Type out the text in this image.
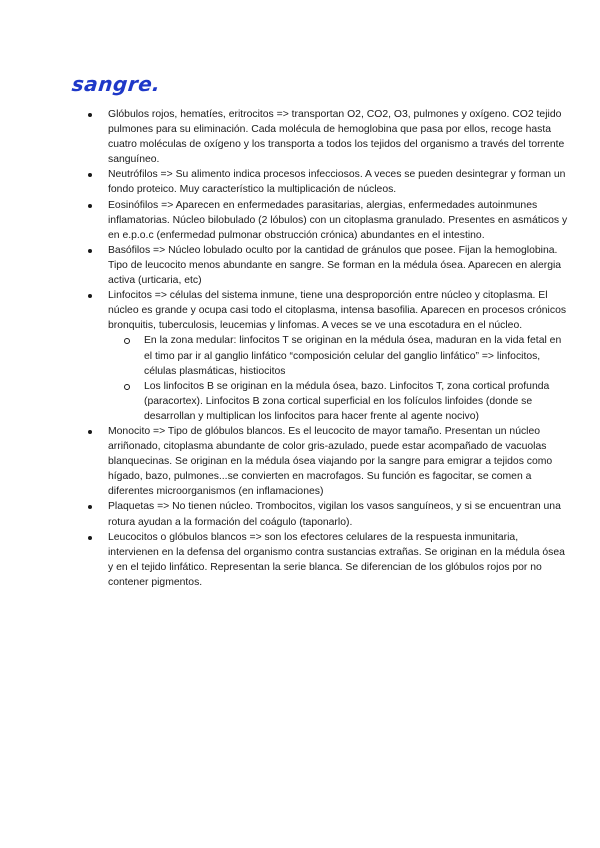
sangre.
Glóbulos rojos, hematíes, eritrocitos => transportan O2, CO2, O3, pulmones y oxígeno. CO2 tejido pulmones para su eliminación. Cada molécula de hemoglobina que pasa por ellos, recoge hasta cuatro moléculas de oxígeno y los transporta a todos los tejidos del organismo a través del torrente sanguíneo.
Neutrófilos => Su alimento indica procesos infecciosos. A veces se pueden desintegrar y forman un fondo proteico. Muy característico la multiplicación de núcleos.
Eosinófilos => Aparecen en enfermedades parasitarias, alergias, enfermedades autoinmunes inflamatorias. Núcleo bilobulado (2 lóbulos) con un citoplasma granulado. Presentes en asmáticos y en e.p.o.c (enfermedad pulmonar obstrucción crónica) abundantes en el intestino.
Basófilos => Núcleo lobulado oculto por la cantidad de gránulos que posee. Fijan la hemoglobina. Tipo de leucocito menos abundante en sangre. Se forman en la médula ósea. Aparecen en alergia activa (urticaria, etc)
Linfocitos => células del sistema inmune, tiene una desproporción entre núcleo y citoplasma. El núcleo es grande y ocupa casi todo el citoplasma, intensa basofilia. Aparecen en procesos crónicos bronquitis, tuberculosis, leucemias y linfomas. A veces se ve una escotadura en el núcleo.
En la zona medular: linfocitos T se originan en la médula ósea, maduran en la vida fetal en el timo par ir al ganglio linfático “composición celular del ganglio linfático” => linfocitos, células plasmáticas, histiocitos
Los linfocitos B se originan en la médula ósea, bazo. Linfocitos T, zona cortical profunda (paracortex). Linfocitos B zona cortical superficial en los folículos linfoides (donde se desarrollan y multiplican los linfocitos para hacer frente al agente nocivo)
Monocito => Tipo de glóbulos blancos. Es el leucocito de mayor tamaño. Presentan un núcleo arriñonado, citoplasma abundante de color gris-azulado, puede estar acompañado de vacuolas blanquecinas. Se originan en la médula ósea viajando por la sangre para emigrar a tejidos como hígado, bazo, pulmones...se convierten en macrofagos. Su función es fagocitar, se comen a diferentes microorganismos (en inflamaciones)
Plaquetas => No tienen núcleo. Trombocitos, vigilan los vasos sanguíneos, y si se encuentran una rotura ayudan a la formación del coágulo (taponarlo).
Leucocitos o glóbulos blancos => son los efectores celulares de la respuesta inmunitaria, intervienen en la defensa del organismo contra sustancias extrañas. Se originan en la médula ósea y en el tejido linfático. Representan la serie blanca. Se diferencian de los glóbulos rojos por no contener pigmentos.
